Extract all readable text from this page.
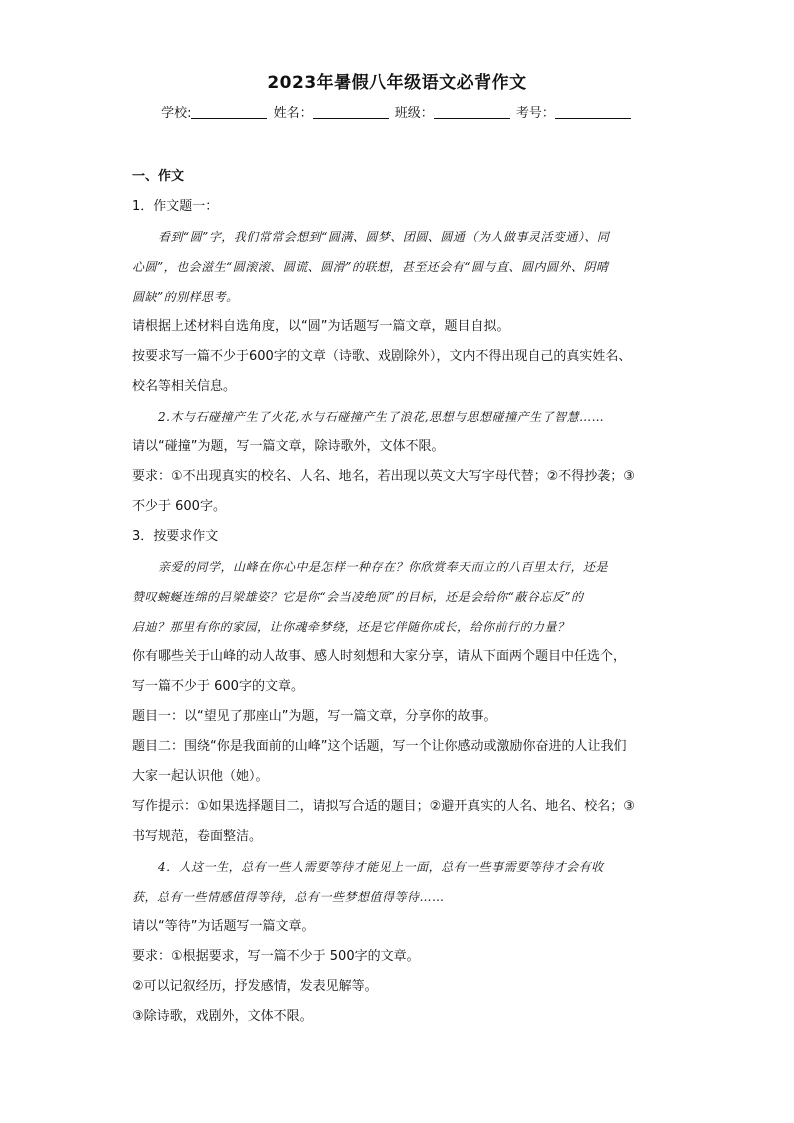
2023年暑假八年级语文必背作文
学校:	姓名：	班级：	考号：
一、作文
1．作文题一：
看到“圆”字，我们常常会想到“圆满、圆梦、团圆、圆通（为人做事灵活变通）、同
心圆”，也会滋生“圆滚滚、圆谎、圆滑”的联想，甚至还会有“圆与直、圆内圆外、阴晴
圆缺”的别样思考。
请根据上述材料自选角度，以“圆”为话题写一篇文章，题目自拟。
按要求写一篇不少于600字的文章（诗歌、戏剧除外），文内不得出现自己的真实姓名、
校名等相关信息。
2.木与石碰撞产生了火花,水与石碰撞产生了浪花,思想与思想碰撞产生了智慧……
请以“碰撞”为题，写一篇文章，除诗歌外，文体不限。
要求：①不出现真实的校名、人名、地名，若出现以英文大写字母代替；②不得抄袭；③
不少于 600字。
3．按要求作文
亲爱的同学，山峰在你心中是怎样一种存在？你欣赏奉天而立的八百里太行，还是
赞叹蜿蜒连绵的吕梁雄姿？它是你“会当凌绝顶”的目标，还是会给你“蔽谷忘反”的
启迪？那里有你的家园，让你魂牵梦绕，还是它伴随你成长，给你前行的力量？
你有哪些关于山峰的动人故事、感人时刻想和大家分享，请从下面两个题目中任选个，
写一篇不少于 600字的文章。
题目一：以“望见了那座山”为题，写一篇文章，分享你的故事。
题目二：围绕“你是我面前的山峰”这个话题，写一个让你感动或激励你奋进的人让我们
大家一起认识他（她）。
写作提示：①如果选择题目二，请拟写合适的题目；②避开真实的人名、地名、校名；③
书写规范，卷面整洁。
4．人这一生，总有一些人需要等待才能见上一面，总有一些事需要等待才会有收
获，总有一些情感值得等待，总有一些梦想值得等待……
请以“等待”为话题写一篇文章。
要求：①根据要求，写一篇不少于 500字的文章。
②可以记叙经历，抒发感情，发表见解等。
③除诗歌，戏剧外，文体不限。
